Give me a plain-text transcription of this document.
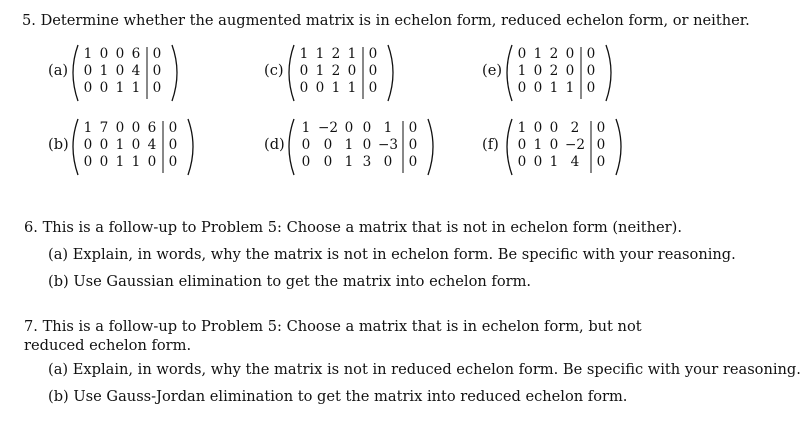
5. Determine whether the augmented matrix is in echelon form, reduced echelon form, or neither.
(a)
1 0 0 6 0
0 1 0 4 0
0 0 1 1 0
(b)
1 7 0 0 6 0
0 0 1 0 4 0
0 0 1 1 0 0
(c)
1 1 2 1 0
0 1 2 0 0
0 0 1 1 0
(d)
1 −2 0 0 1	0
0 0 1 0 −3 0
0 0 1 3 0	0
(e)
0 1 2 0 0
1 0 2 0 0
0 0 1 1 0
(f)
1 0 0 2	0
0 1 0 −2 0
0 0 1 4	0
6. This is a follow-up to Problem 5: Choose a matrix that is not in echelon form (neither).
(a) Explain, in words, why the matrix is not in echelon form. Be specific with your reasoning.
(b) Use Gaussian elimination to get the matrix into echelon form.
7. This is a follow-up to Problem 5: Choose a matrix that is in echelon form, but not reduced echelon form.
(a) Explain, in words, why the matrix is not in reduced echelon form. Be specific with your reasoning.
(b) Use Gauss-Jordan elimination to get the matrix into reduced echelon form.
